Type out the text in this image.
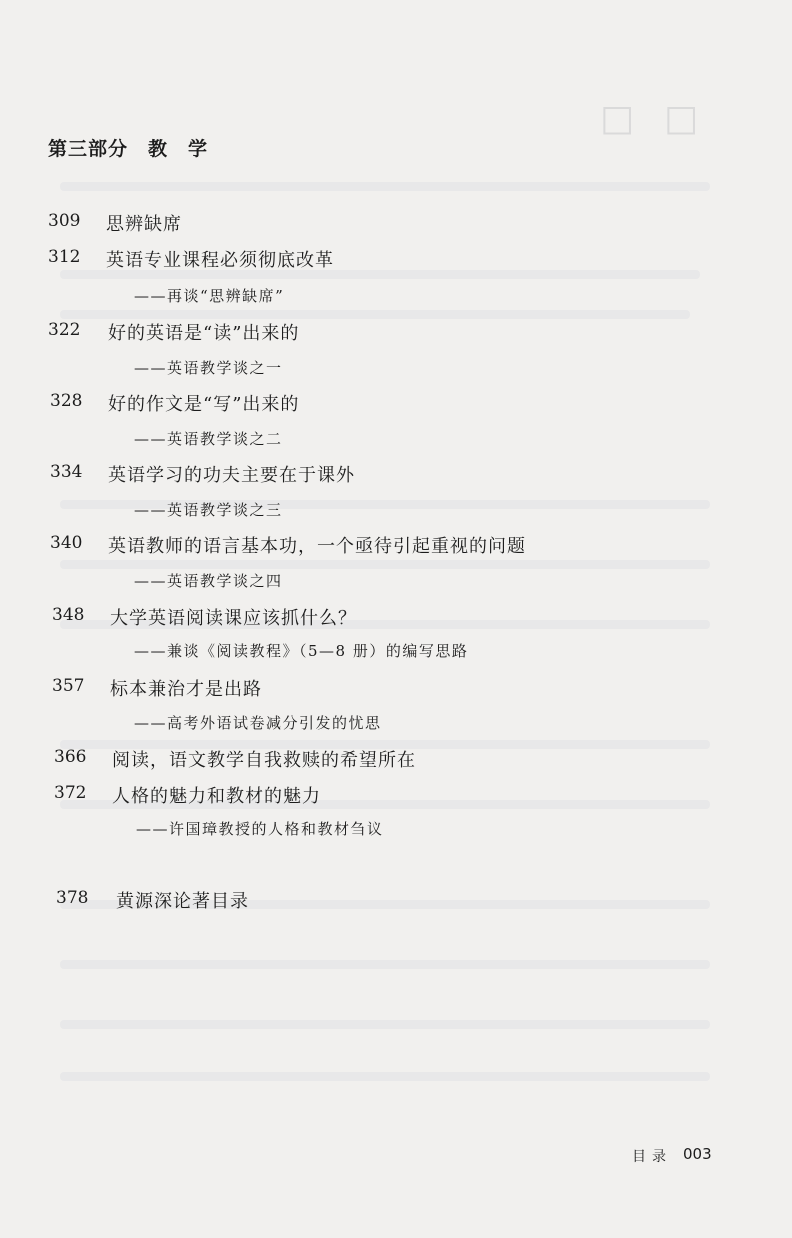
□□
第三部分　教　学
309 思辨缺席
312 英语专业课程必须彻底改革
——再谈“思辨缺席”
322 好的英语是“读”出来的
——英语教学谈之一
328 好的作文是“写”出来的
——英语教学谈之二
334 英语学习的功夫主要在于课外
——英语教学谈之三
340 英语教师的语言基本功，一个亟待引起重视的问题
——英语教学谈之四
348 大学英语阅读课应该抓什么？
——兼谈《阅读教程》（5—8 册）的编写思路
357 标本兼治才是出路
——高考外语试卷减分引发的忧思
366 阅读，语文教学自我救赎的希望所在
372 人格的魅力和教材的魅力
——许国璋教授的人格和教材刍议
378 黄源深论著目录
目录 003
